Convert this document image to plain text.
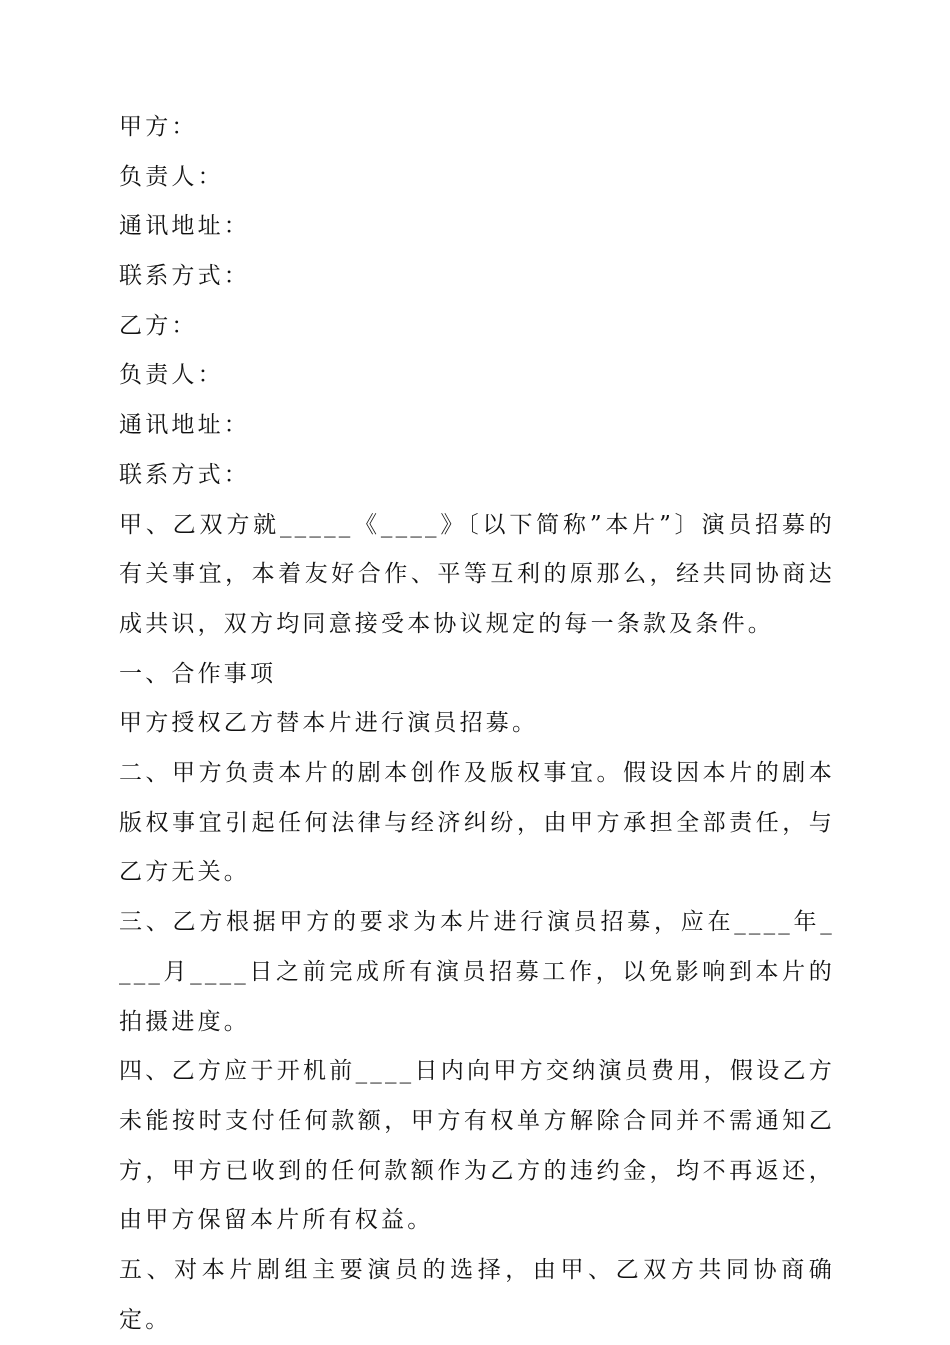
甲方：
负责人：
通讯地址：
联系方式：
乙方：
负责人：
通讯地址：
联系方式：
甲、乙双方就_____《____》〔以下简称”本片”〕演员招募的有关事宜，本着友好合作、平等互利的原那么，经共同协商达成共识，双方均同意接受本协议规定的每一条款及条件。
一、合作事项
甲方授权乙方替本片进行演员招募。
二、甲方负责本片的剧本创作及版权事宜。假设因本片的剧本版权事宜引起任何法律与经济纠纷，由甲方承担全部责任，与乙方无关。
三、乙方根据甲方的要求为本片进行演员招募，应在____年____月____日之前完成所有演员招募工作，以免影响到本片的拍摄进度。
四、乙方应于开机前____日内向甲方交纳演员费用，假设乙方未能按时支付任何款额，甲方有权单方解除合同并不需通知乙方，甲方已收到的任何款额作为乙方的违约金，均不再返还，由甲方保留本片所有权益。
五、对本片剧组主要演员的选择，由甲、乙双方共同协商确定。
